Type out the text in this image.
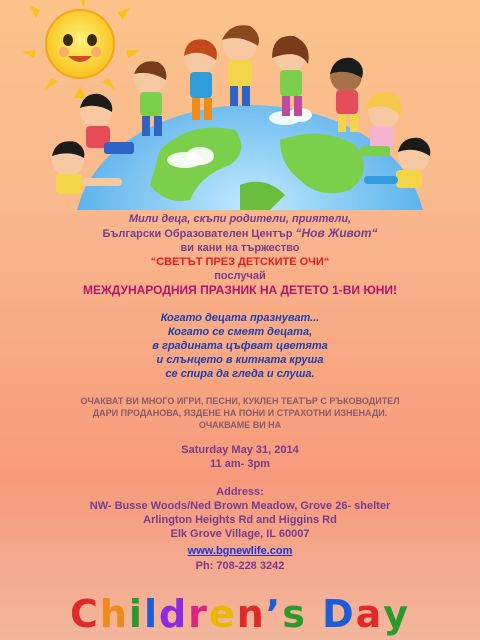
Мили деца, скъпи родители, приятели,
Български Образователен Център “Нов Живот“
ви кани на тържество
“СВЕТЪТ ПРЕЗ ДЕТСКИТЕ ОЧИ“
послучай
МЕЖДУНАРОДНИЯ ПРАЗНИК НА ДЕТЕТО 1-ВИ ЮНИ!
Когато децата празнуват...
Когато се смеят децата,
в градината цъфват цветята
и слънцето в китната круша
се спира да гледа и слуша.
ОЧАКВАТ ВИ МНОГО ИГРИ, ПЕСНИ, КУКЛЕН ТЕАТЪР С РЪКОВОДИТЕЛ
ДАРИ ПРОДАНОВА, ЯЗДЕНЕ НА ПОНИ И СТРАХОТНИ ИЗНЕНАДИ.
ОЧАКВАМЕ ВИ НА
Saturday May 31, 2014
11 am- 3pm
Address:
NW- Busse Woods/Ned Brown Meadow, Grove 26- shelter
Arlington Heights Rd and Higgins Rd
Elk Grove Village, IL 60007
www.bgnewlife.com
Ph: 708-228 3242
Children’s Day
